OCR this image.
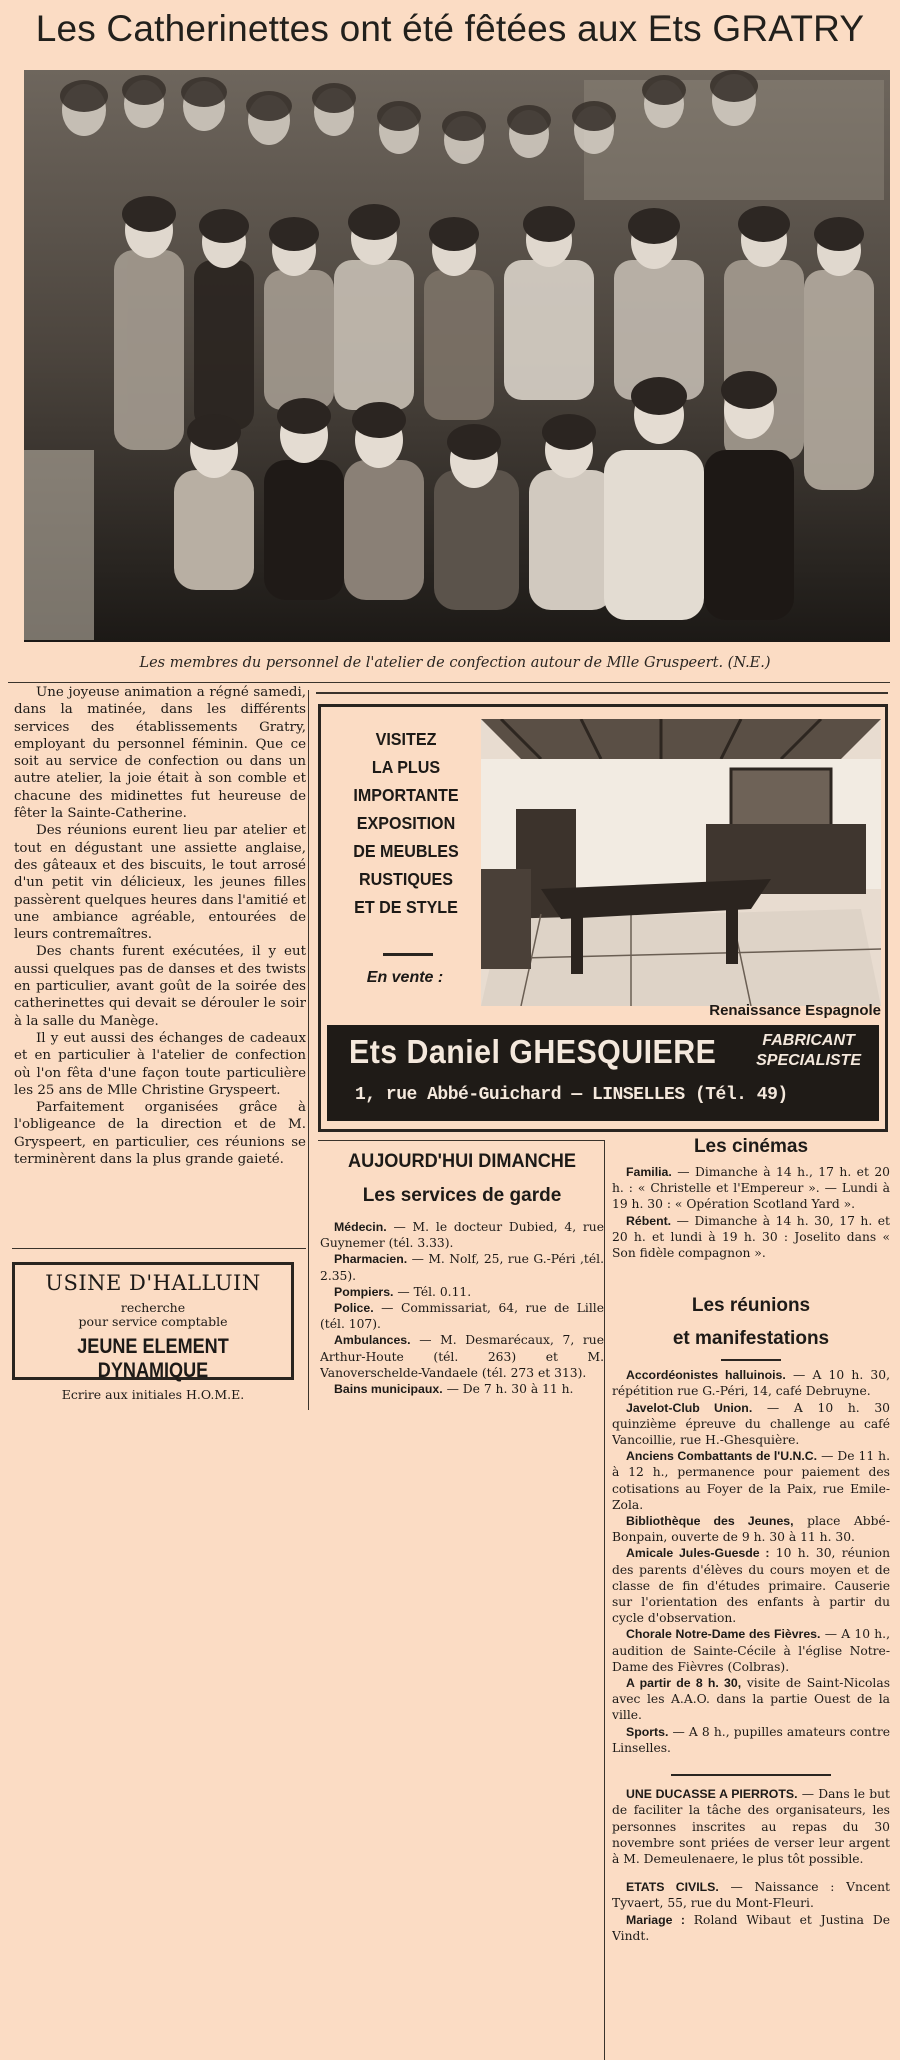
Les Catherinettes ont été fêtées aux Ets GRATRY
Les membres du personnel de l'atelier de confection autour de Mlle Gruspeert. (N.E.)

Une joyeuse animation a régné samedi, dans la matinée, dans les différents services des établissements Gratry, employant du personnel féminin. Que ce soit au service de confection ou dans un autre atelier, la joie était à son comble et chacune des midinettes fut heureuse de fêter la Sainte-Catherine.

Des réunions eurent lieu par atelier et tout en dégustant une assiette anglaise, des gâteaux et des biscuits, le tout arrosé d'un petit vin délicieux, les jeunes filles passèrent quelques heures dans l'amitié et une ambiance agréable, entourées de leurs contremaîtres.

Des chants furent exécutées, il y eut aussi quelques pas de danses et des twists en particulier, avant goût de la soirée des catherinettes qui devait se dérouler le soir à la salle du Manège.

Il y eut aussi des échanges de cadeaux et en particulier à l'atelier de confection où l'on fêta d'une façon toute particulière les 25 ans de Mlle Christine Gryspeert.

Parfaitement organisées grâce à l'obligeance de la direction et de M. Gryspeert, en particulier, ces réunions se terminèrent dans la plus grande gaieté.

USINE D'HALLUIN
recherche
pour service comptable
JEUNE ELEMENT DYNAMIQUE
Ecrire aux initiales H.O.M.E.
VISITEZ
LA PLUS
IMPORTANTE
EXPOSITION
DE MEUBLES
RUSTIQUES
ET DE STYLE
En vente :
Renaissance Espagnole
Ets Daniel GHESQUIERE	FABRICANT
SPECIALISTE
1, rue Abbé-Guichard — LINSELLES (Tél. 49)
AUJOURD'HUI DIMANCHE
Les services de garde

Médecin. — M. le docteur Dubied, 4, rue Guynemer (tél. 3.33).

Pharmacien. — M. Nolf, 25, rue G.-Péri ,tél. 2.35).

Pompiers. — Tél. 0.11.

Police. — Commissariat, 64, rue de Lille (tél. 107).

Ambulances. — M. Desmarécaux, 7, rue Arthur-Houte (tél. 263) et M. Vanoverschelde-Vandaele (tél. 273 et 313).

Bains municipaux. — De 7 h. 30 à 11 h.

Les cinémas

Familia. — Dimanche à 14 h., 17 h. et 20 h. : « Christelle et l'Empereur ». — Lundi à 19 h. 30 : « Opération Scotland Yard ».

Rébent. — Dimanche à 14 h. 30, 17 h. et 20 h. et lundi à 19 h. 30 : Joselito dans « Son fidèle compagnon ».

Les réunions
et manifestations

Accordéonistes halluinois. — A 10 h. 30, répétition rue G.-Péri, 14, café Debruyne.

Javelot-Club Union. — A 10 h. 30 quinzième épreuve du challenge au café Vancoillie, rue H.-Ghesquière.

Anciens Combattants de l'U.N.C. — De 11 h. à 12 h., permanence pour paiement des cotisations au Foyer de la Paix, rue Emile-Zola.

Bibliothèque des Jeunes, place Abbé-Bonpain, ouverte de 9 h. 30 à 11 h. 30.

Amicale Jules-Guesde : 10 h. 30, réunion des parents d'élèves du cours moyen et de classe de fin d'études primaire. Causerie sur l'orientation des enfants à partir du cycle d'observation.

Chorale Notre-Dame des Fièvres. — A 10 h., audition de Sainte-Cécile à l'église Notre-Dame des Fièvres (Colbras).

A partir de 8 h. 30, visite de Saint-Nicolas avec les A.A.O. dans la partie Ouest de la ville.

Sports. — A 8 h., pupilles amateurs contre Linselles.

UNE DUCASSE A PIERROTS. — Dans le but de faciliter la tâche des organisateurs, les personnes inscrites au repas du 30 novembre sont priées de verser leur argent à M. Demeulenaere, le plus tôt possible.

ETATS CIVILS. — Naissance : Vncent Tyvaert, 55, rue du Mont-Fleuri.

Mariage : Roland Wibaut et Justina De Vindt.
